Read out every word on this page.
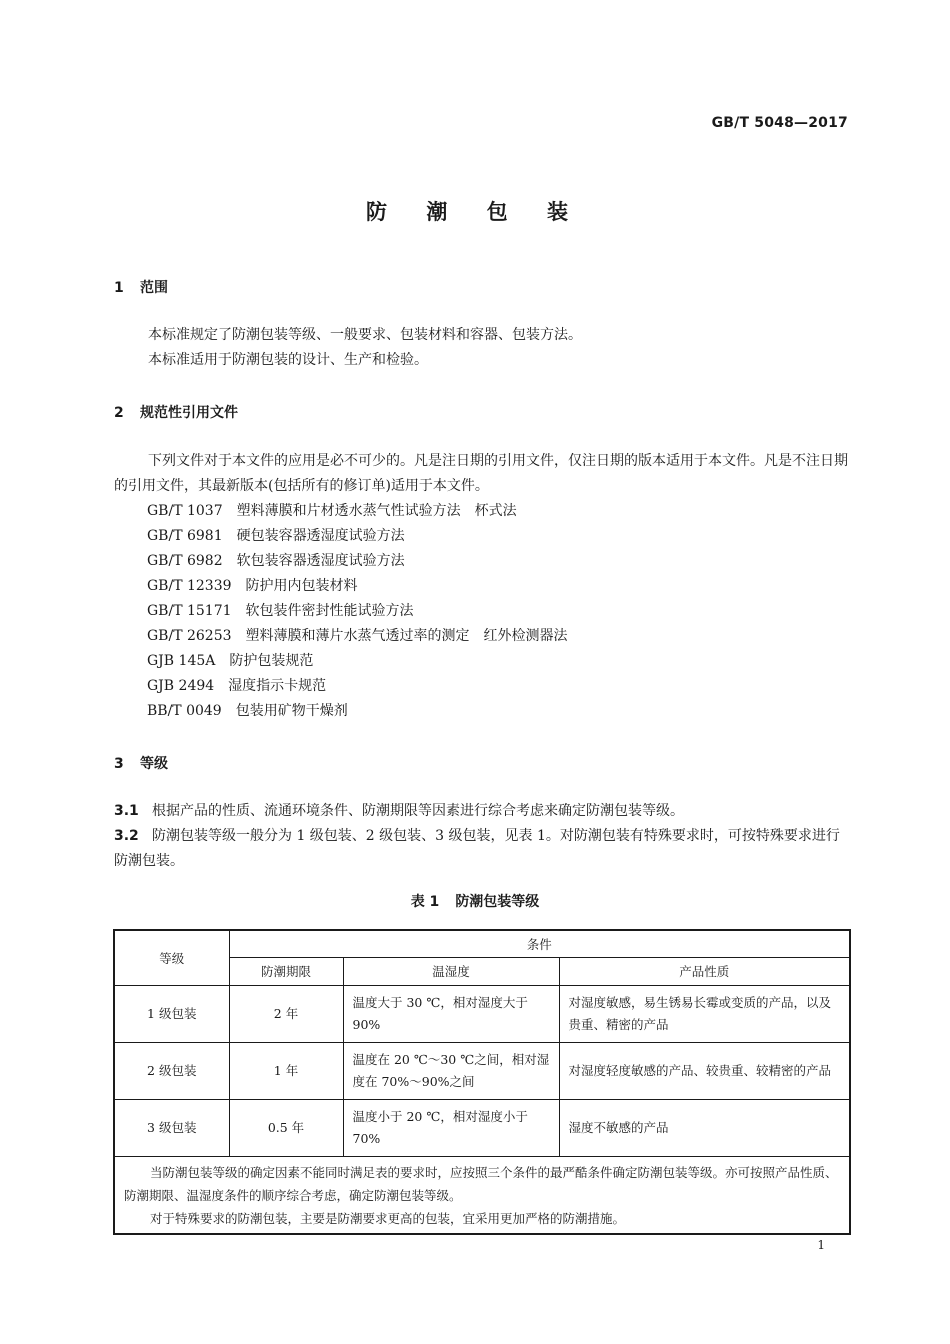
GB/T 5048—2017
防 潮 包 装
1 范围
本标准规定了防潮包装等级、一般要求、包装材料和容器、包装方法。
本标准适用于防潮包装的设计、生产和检验。
2 规范性引用文件
下列文件对于本文件的应用是必不可少的。凡是注日期的引用文件，仅注日期的版本适用于本文件。凡是不注日期的引用文件，其最新版本(包括所有的修订单)适用于本文件。
GB/T 1037 塑料薄膜和片材透水蒸气性试验方法　杯式法
GB/T 6981 硬包装容器透湿度试验方法
GB/T 6982 软包装容器透湿度试验方法
GB/T 12339 防护用内包装材料
GB/T 15171 软包装件密封性能试验方法
GB/T 26253 塑料薄膜和薄片水蒸气透过率的测定　红外检测器法
GJB 145A 防护包装规范
GJB 2494 湿度指示卡规范
BB/T 0049 包装用矿物干燥剂
3 等级
3.1 根据产品的性质、流通环境条件、防潮期限等因素进行综合考虑来确定防潮包装等级。
3.2 防潮包装等级一般分为 1 级包装、2 级包装、3 级包装，见表 1。对防潮包装有特殊要求时，可按特殊要求进行防潮包装。
表 1 防潮包装等级
等级	条件		
	防潮期限	温湿度	产品性质
1 级包装	2 年	温度大于 30 ℃，相对湿度大于 90%	对湿度敏感，易生锈易长霉或变质的产品，以及贵重、精密的产品
2 级包装	1 年	温度在 20 ℃～30 ℃之间，相对湿度在 70%～90%之间	对湿度轻度敏感的产品、较贵重、较精密的产品
3 级包装	0.5 年	温度小于 20 ℃，相对湿度小于 70%	湿度不敏感的产品

当防潮包装等级的确定因素不能同时满足表的要求时，应按照三个条件的最严酷条件确定防潮包装等级。亦可按照产品性质、防潮期限、温湿度条件的顺序综合考虑，确定防潮包装等级。

对于特殊要求的防潮包装，主要是防潮要求更高的包装，宜采用更加严格的防潮措施。			

1
